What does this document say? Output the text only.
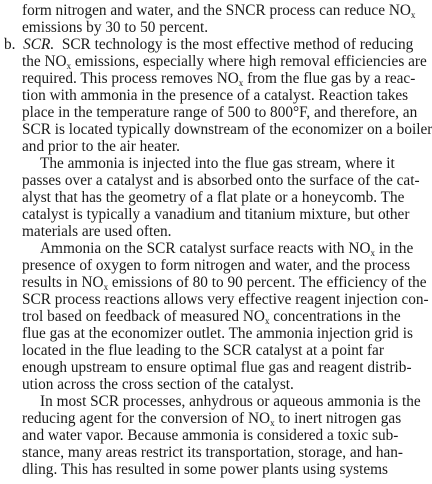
form nitrogen and water, and the SNCR process can reduce $NO_x$
emissions by 30 to 50 percent.
b. SCR. SCR technology is the most effective method of reducing
the $NO_x$ emissions, especially where high removal efficiencies are
required. This process removes $NO_x$ from the flue gas by a reac-
tion with ammonia in the presence of a catalyst. Reaction takes
place in the temperature range of 500 to 800°F, and therefore, an
SCR is located typically downstream of the economizer on a boiler
and prior to the air heater.
The ammonia is injected into the flue gas stream, where it
passes over a catalyst and is absorbed onto the surface of the cat-
alyst that has the geometry of a flat plate or a honeycomb. The
catalyst is typically a vanadium and titanium mixture, but other
materials are used often.
Ammonia on the SCR catalyst surface reacts with $NO_x$ in the
presence of oxygen to form nitrogen and water, and the process
results in $NO_x$ emissions of 80 to 90 percent. The efficiency of the
SCR process reactions allows very effective reagent injection con-
trol based on feedback of measured $NO_x$ concentrations in the
flue gas at the economizer outlet. The ammonia injection grid is
located in the flue leading to the SCR catalyst at a point far
enough upstream to ensure optimal flue gas and reagent distrib-
ution across the cross section of the catalyst.
In most SCR processes, anhydrous or aqueous ammonia is the
reducing agent for the conversion of $NO_x$ to inert nitrogen gas
and water vapor. Because ammonia is considered a toxic sub-
stance, many areas restrict its transportation, storage, and han-
dling. This has resulted in some power plants using systems
